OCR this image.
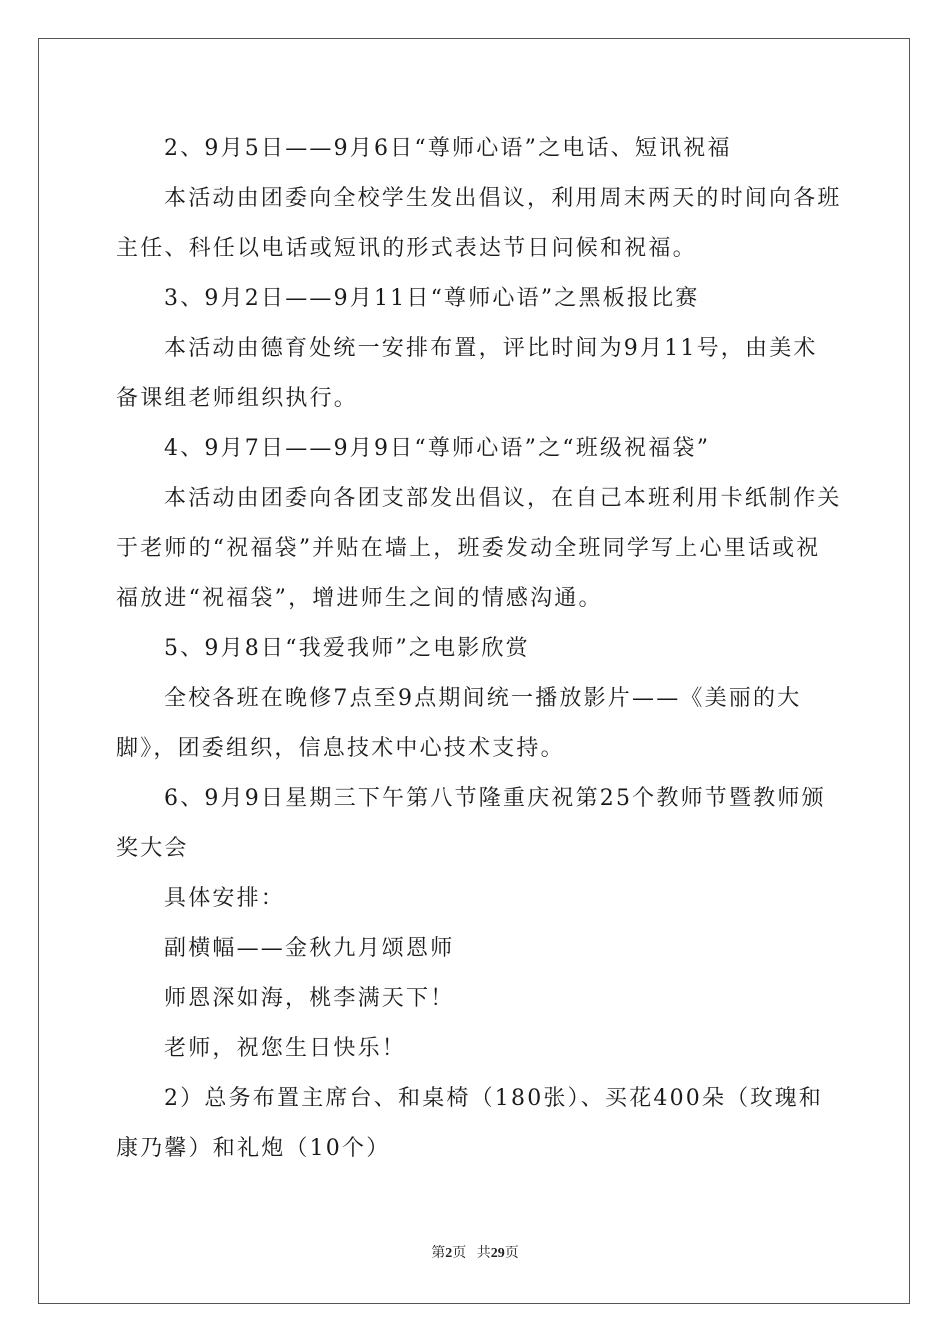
2、9月5日——9月6日“尊师心语”之电话、短讯祝福
本活动由团委向全校学生发出倡议，利用周末两天的时间向各班
主任、科任以电话或短讯的形式表达节日问候和祝福。
3、9月2日——9月11日“尊师心语”之黑板报比赛
本活动由德育处统一安排布置，评比时间为9月11号，由美术
备课组老师组织执行。
4、9月7日——9月9日“尊师心语”之“班级祝福袋”
本活动由团委向各团支部发出倡议，在自己本班利用卡纸制作关
于老师的“祝福袋”并贴在墙上，班委发动全班同学写上心里话或祝
福放进“祝福袋”，增进师生之间的情感沟通。
5、9月8日“我爱我师”之电影欣赏
全校各班在晚修7点至9点期间统一播放影片——《美丽的大
脚》，团委组织，信息技术中心技术支持。
6、9月9日星期三下午第八节隆重庆祝第25个教师节暨教师颁
奖大会
具体安排：
副横幅——金秋九月颂恩师
师恩深如海，桃李满天下！
老师，祝您生日快乐！
2）总务布置主席台、和桌椅（180张）、买花400朵（玫瑰和
康乃馨）和礼炮（10个）
第2页 共29页
